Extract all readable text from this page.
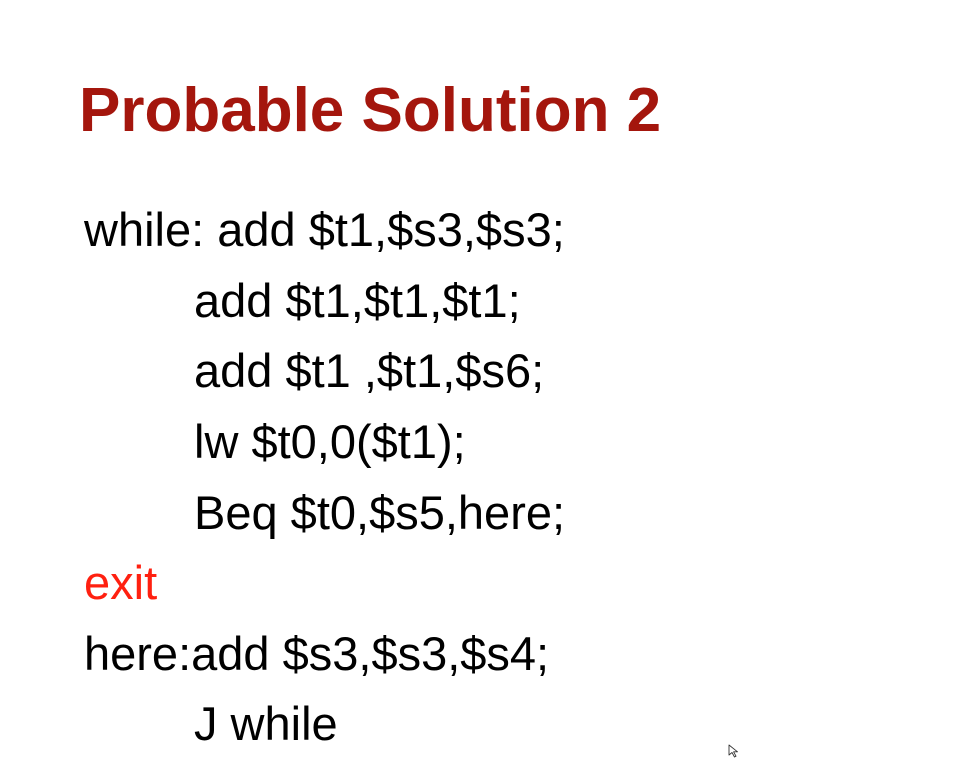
Probable Solution 2
while: add $t1,$s3,$s3;
add $t1,$t1,$t1;
add $t1 ,$t1,$s6;
lw $t0,0($t1);
Beq $t0,$s5,here;
exit
here:add $s3,$s3,$s4;
J while
